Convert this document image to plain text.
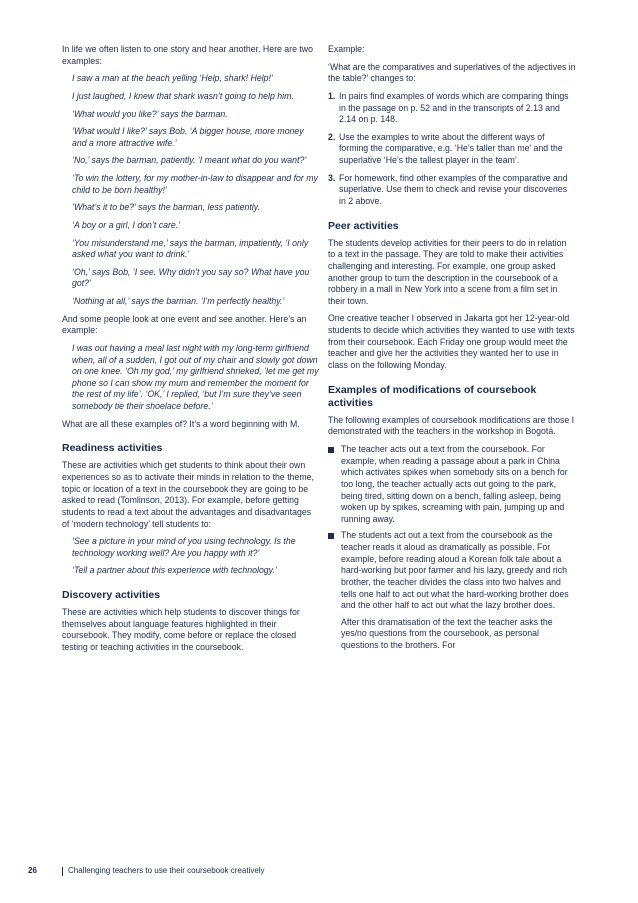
In life we often listen to one story and hear another. Here are two examples:

I saw a man at the beach yelling ‘Help, shark! Help!’

I just laughed, I knew that shark wasn’t going to help him.

‘What would you like?’ says the barman.

‘What would I like?’ says Bob. ‘A bigger house, more money and a more attractive wife.’

‘No,’ says the barman, patiently. ‘I meant what do you want?’

‘To win the lottery, for my mother-in-law to disappear and for my child to be born healthy!’

‘What’s it to be?’ says the barman, less patiently.

‘A boy or a girl, I don’t care.’

‘You misunderstand me,’ says the barman, impatiently, ‘I only asked what you want to drink.’

‘Oh,’ says Bob, ‘I see. Why didn’t you say so? What have you got?’

‘Nothing at all,’ says the barman. ‘I’m perfectly healthy.’

And some people look at one event and see another. Here’s an example:

I was out having a meal last night with my long-term girlfriend when, all of a sudden, I got out of my chair and slowly got down on one knee. ‘Oh my god,’ my girlfriend shrieked, ‘let me get my phone so I can show my mum and remember the moment for the rest of my life’. ‘OK,’ I replied, ‘but I’m sure they’ve seen somebody tie their shoelace before.’

What are all these examples of? It’s a word beginning with M.

Readiness activities

These are activities which get students to think about their own experiences so as to activate their minds in relation to the theme, topic or location of a text in the coursebook they are going to be asked to read (Tomlinson, 2013). For example, before getting students to read a text about the advantages and disadvantages of ‘modern technology’ tell students to:

‘See a picture in your mind of you using technology. Is the technology working well? Are you happy with it?’

‘Tell a partner about this experience with technology.’

Discovery activities

These are activities which help students to discover things for themselves about language features highlighted in their coursebook. They modify, come before or replace the closed testing or teaching activities in the coursebook.

Example:

‘What are the comparatives and superlatives of the adjectives in the table?’ changes to:

1. In pairs find examples of words which are comparing things in the passage on p. 52 and in the transcripts of 2.13 and 2.14 on p. 148.
2. Use the examples to write about the different ways of forming the comparative, e.g. ‘He’s taller than me’ and the superlative ‘He’s the tallest player in the team’.
3. For homework, find other examples of the comparative and superlative. Use them to check and revise your discoveries in 2 above.
Peer activities

The students develop activities for their peers to do in relation to a text in the passage. They are told to make their activities challenging and interesting. For example, one group asked another group to turn the description in the coursebook of a robbery in a mall in New York into a scene from a film set in their town.

One creative teacher I observed in Jakarta got her 12-year-old students to decide which activities they wanted to use with texts from their coursebook. Each Friday one group would meet the teacher and give her the activities they wanted her to use in class on the following Monday.

Examples of modifications of coursebook activities

The following examples of coursebook modifications are those I demonstrated with the teachers in the workshop in Bogotá.

The teacher acts out a text from the coursebook. For example, when reading a passage about a park in China which activates spikes when somebody sits on a bench for too long, the teacher actually acts out going to the park, being tired, sitting down on a bench, falling asleep, being woken up by spikes, screaming with pain, jumping up and running away.
The students act out a text from the coursebook as the teacher reads it aloud as dramatically as possible. For example, before reading aloud a Korean folk tale about a hard-working but poor farmer and his lazy, greedy and rich brother, the teacher divides the class into two halves and tells one half to act out what the hard-working brother does and the other half to act out what the lazy brother does.

After this dramatisation of the text the teacher asks the yes/no questions from the coursebook, as personal questions to the brothers. For

26	Challenging teachers to use their coursebook creatively
